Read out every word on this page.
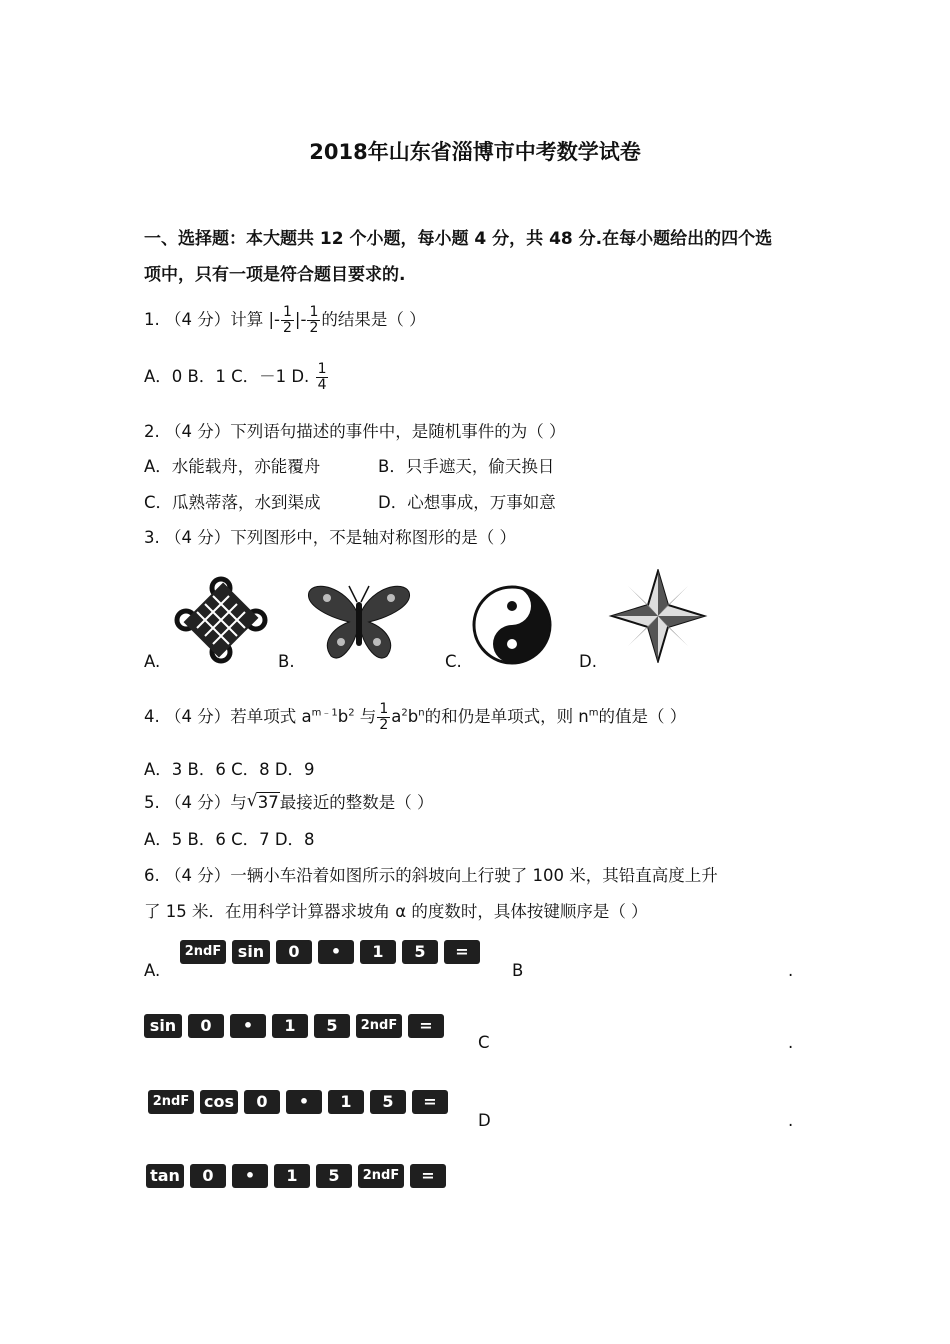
2018年山东省淄博市中考数学试卷
一、选择题：本大题共 12 个小题，每小题 4 分，共 48 分.在每小题给出的四个选
项中，只有一项是符合题目要求的.
1. （4 分）计算 |- $\frac{1}{2}$ |- $\frac{1}{2}$ 的结果是（ ）
A．0 B．1 C．－1 D. $\frac{1}{4}$
2. （4 分）下列语句描述的事件中，是随机事件的为（ ）
A．水能载舟，亦能覆舟	B．只手遮天，偷天换日
C．瓜熟蒂落，水到渠成	D．心想事成，万事如意
3. （4 分）下列图形中，不是轴对称图形的是（ ）
A.	B.	C.	D.
4. （4 分）若单项式 $a^{m﹣1}b^2$ 与 $\frac{1}{2} a^2b^n$的和仍是单项式，则 $n^m$的值是（ ）
A．3 B．6 C．8 D．9
5. （4 分）与 √ 37最接近的整数是（ ）
A．5 B．6 C．7 D．8
6. （4 分）一辆小车沿着如图所示的斜坡向上行驶了 100 米，其铅直高度上升
了 15 米．在用科学计算器求坡角 α 的度数时，具体按键顺序是（ ）
A.
2ndF	sin	0	•	1	5	=
B	.
sin	0	•	1	5	2ndF	=
C	.
2ndF cos	0	•	1	5	=
D	.
tan	0	•	1	5	2ndF	=
